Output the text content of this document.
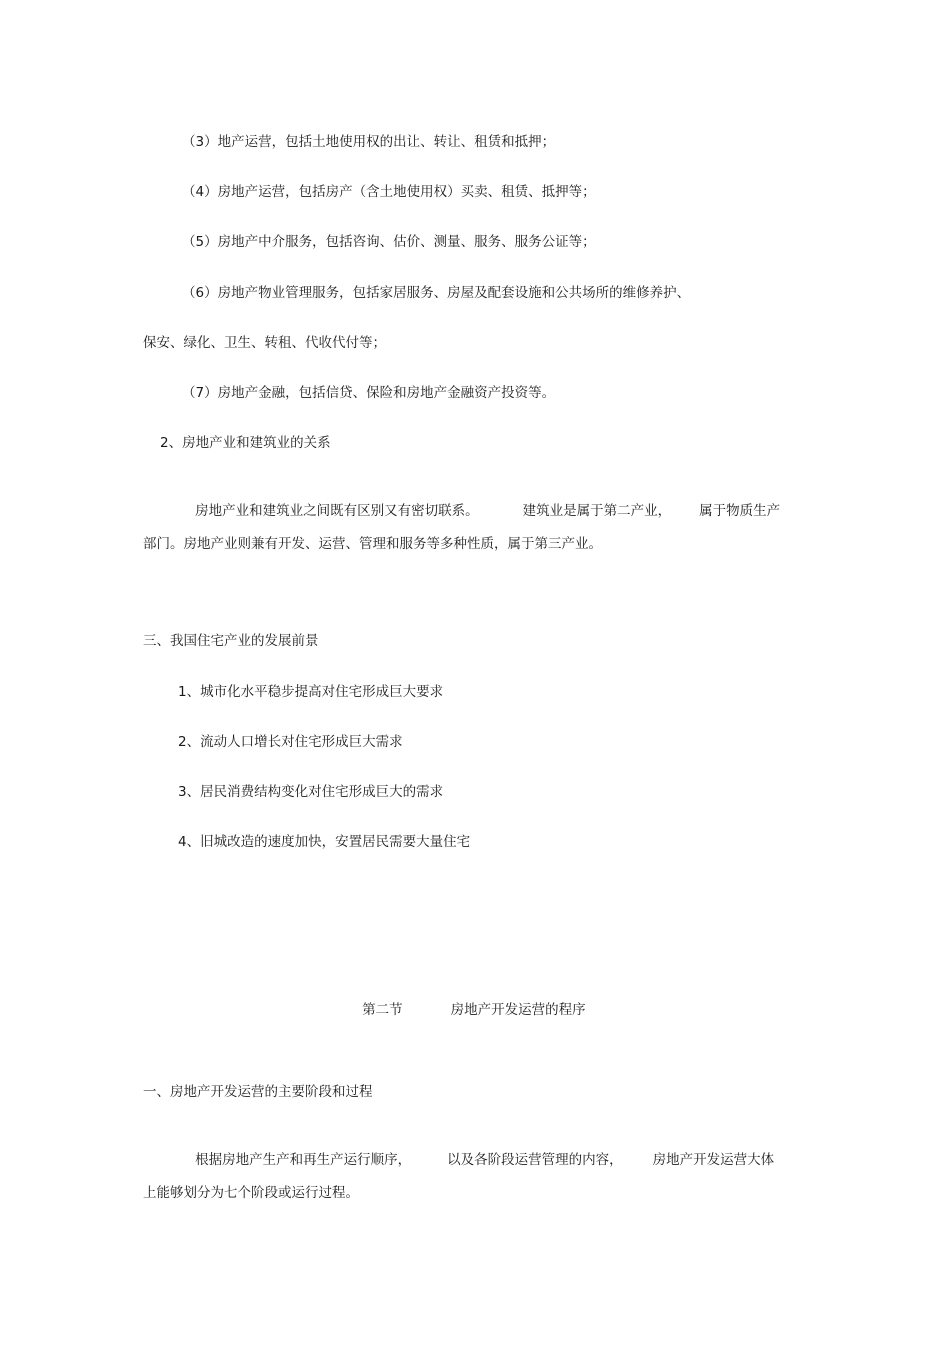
（3）地产运营，包括土地使用权的出让、转让、租赁和抵押；
（4）房地产运营，包括房产（含土地使用权）买卖、租赁、抵押等；
（5）房地产中介服务，包括咨询、估价、测量、服务、服务公证等；
（6）房地产物业管理服务，包括家居服务、房屋及配套设施和公共场所的维修养护、
保安、绿化、卫生、转租、代收代付等；
（7）房地产金融，包括信贷、保险和房地产金融资产投资等。
2、房地产业和建筑业的关系

房地产业和建筑业之间既有区别又有密切联系。	建筑业是属于第二产业， 属于物质生产

部门。房地产业则兼有开发、运营、管理和服务等多种性质，属于第三产业。
三、我国住宅产业的发展前景
1、城市化水平稳步提高对住宅形成巨大要求
2、流动人口增长对住宅形成巨大需求
3、居民消费结构变化对住宅形成巨大的需求
4、旧城改造的速度加快，安置居民需要大量住宅

第二节	房地产开发运营的程序

一、房地产开发运营的主要阶段和过程

根据房地产生产和再生产运行顺序，	以及各阶段运营管理的内容， 房地产开发运营大体

上能够划分为七个阶段或运行过程。
